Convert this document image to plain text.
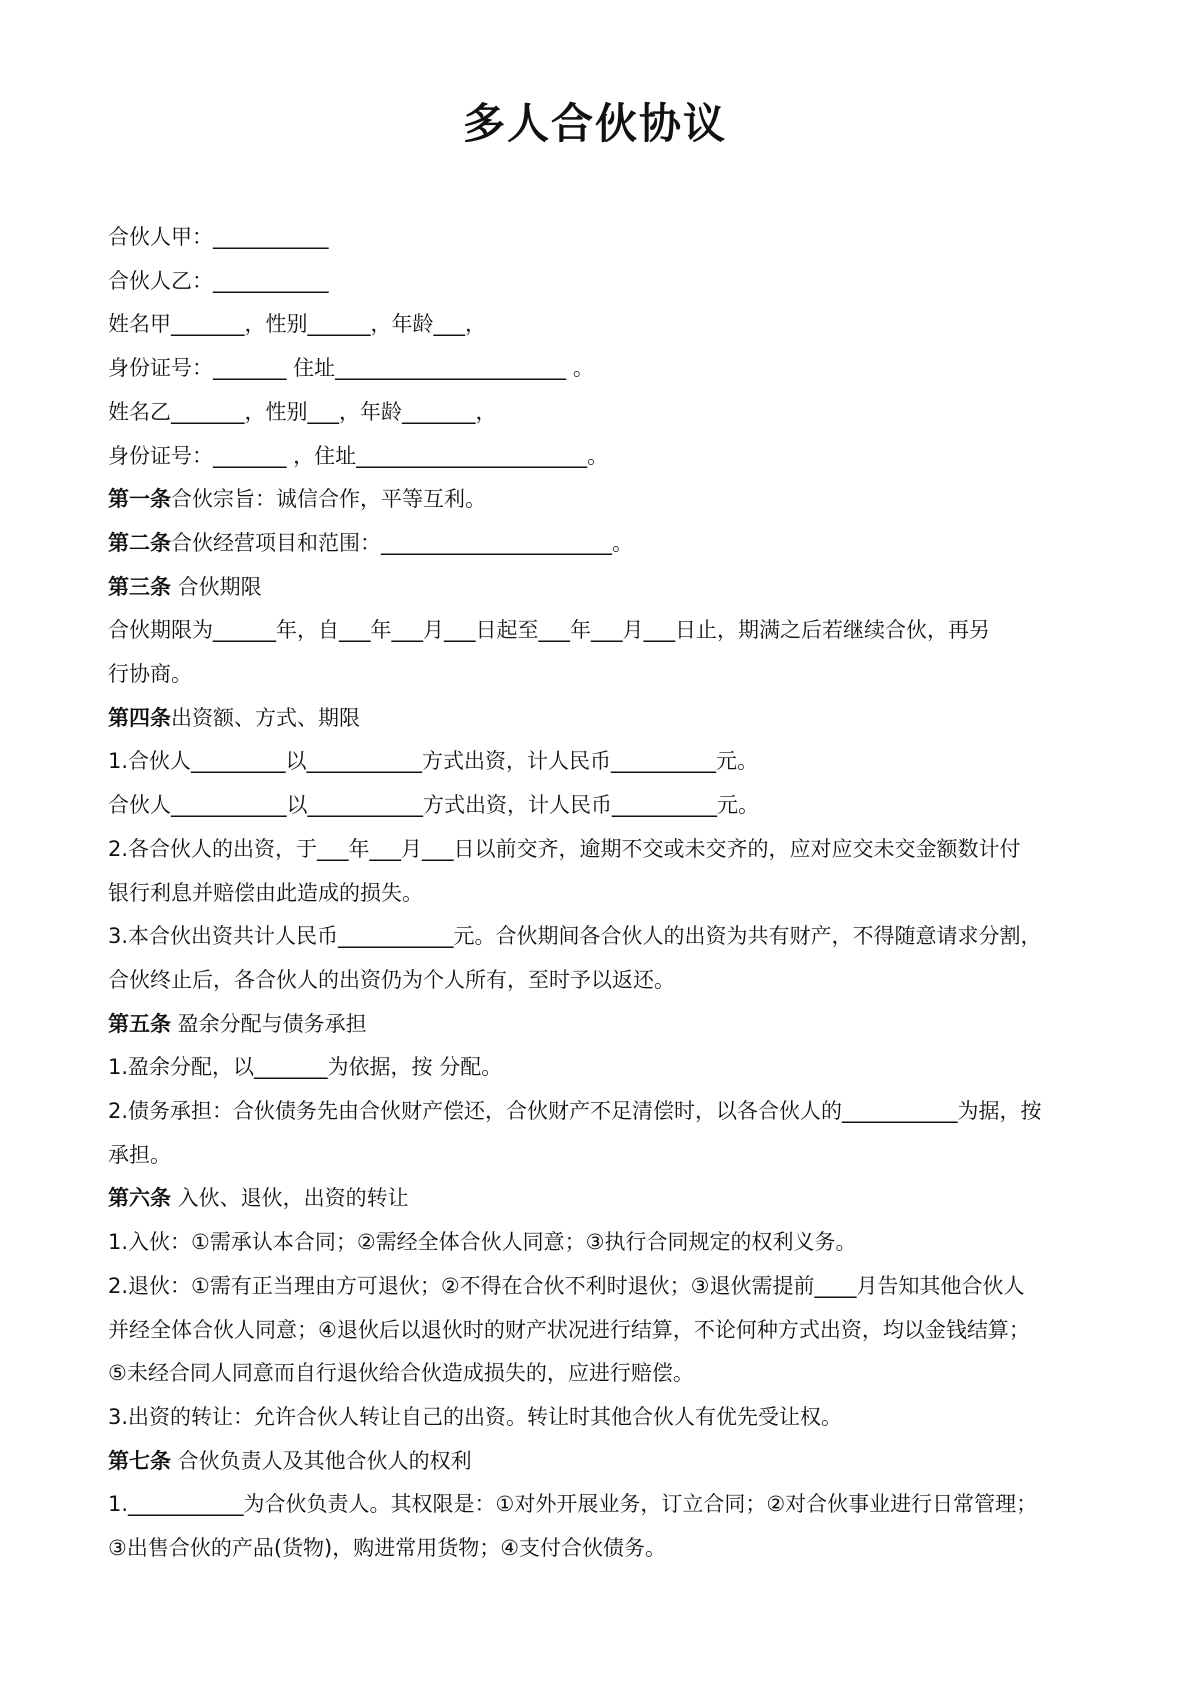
多人合伙协议
合伙人甲：___________
合伙人乙：___________
姓名甲_______，性别______，年龄___，
身份证号：_______ 住址______________________ 。
姓名乙_______，性别___，年龄_______，
身份证号：_______ ，住址______________________。
第一条合伙宗旨：诚信合作，平等互利。
第二条合伙经营项目和范围：______________________。
第三条 合伙期限
合伙期限为______年，自___年___月___日起至___年___月___日止，期满之后若继续合伙，再另
行协商。
第四条出资额、方式、期限
1.合伙人_________以___________方式出资，计人民币__________元。
合伙人___________以___________方式出资，计人民币__________元。
2.各合伙人的出资，于___年___月___日以前交齐，逾期不交或未交齐的，应对应交未交金额数计付
银行利息并赔偿由此造成的损失。
3.本合伙出资共计人民币___________元。合伙期间各合伙人的出资为共有财产，不得随意请求分割，
合伙终止后，各合伙人的出资仍为个人所有，至时予以返还。
第五条 盈余分配与债务承担
1.盈余分配，以_______为依据，按 分配。
2.债务承担：合伙债务先由合伙财产偿还，合伙财产不足清偿时，以各合伙人的___________为据，按
承担。
第六条 入伙、退伙，出资的转让
1.入伙：①需承认本合同；②需经全体合伙人同意；③执行合同规定的权利义务。
2.退伙：①需有正当理由方可退伙；②不得在合伙不利时退伙；③退伙需提前____月告知其他合伙人
并经全体合伙人同意；④退伙后以退伙时的财产状况进行结算，不论何种方式出资，均以金钱结算；
⑤未经合同人同意而自行退伙给合伙造成损失的，应进行赔偿。
3.出资的转让：允许合伙人转让自己的出资。转让时其他合伙人有优先受让权。
第七条 合伙负责人及其他合伙人的权利
1.___________为合伙负责人。其权限是：①对外开展业务，订立合同；②对合伙事业进行日常管理；
③出售合伙的产品(货物)，购进常用货物；④支付合伙债务。
